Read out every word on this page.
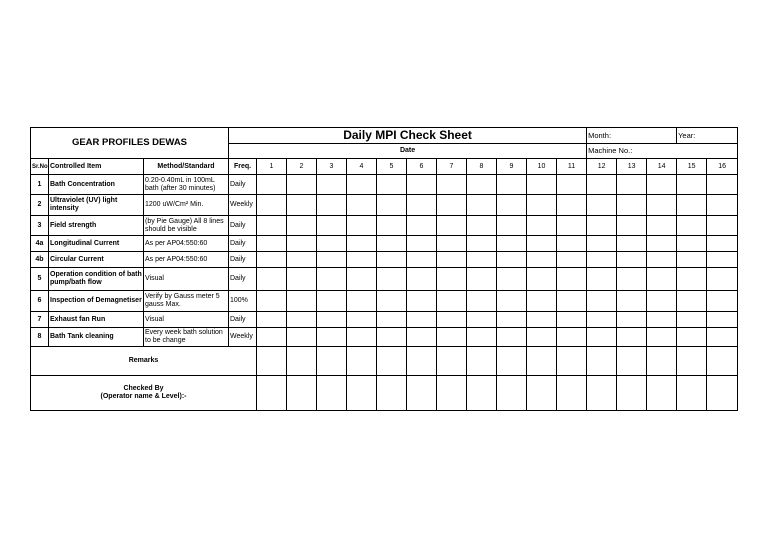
GEAR PROFILES DEWAS			Daily MPI Check Sheet												Month:			Year:	
			Date												Machine No.:				
Sr.No	Controlled Item	Method/Standard	Freq.	1	2	3	4	5	6	7	8	9	10	11	12	13	14	15	16
1	Bath Concentration	0.20-0.40mL in 100mL bath (after 30 minutes)	Daily																
2	Ultraviolet (UV) light intensity	1200 uW/Cm² Min.	Weekly																
3	Field strength	(by Pie Gauge) All 8 lines should be visible	Daily																
4a	Longitudinal Current	As per AP04:550:60	Daily																
4b	Circular Current	As per AP04:550:60	Daily																
5	Operation condition of bath pump/bath flow	Visual	Daily																
6	Inspection of Demagnetiser	Verify by Gauss meter 5 gauss Max.	100%																
7	Exhaust fan Run	Visual	Daily																
8	Bath Tank cleaning	Every week bath solution to be change	Weekly																
Remarks																			

Checked By
(Operator name & Level):-																			
